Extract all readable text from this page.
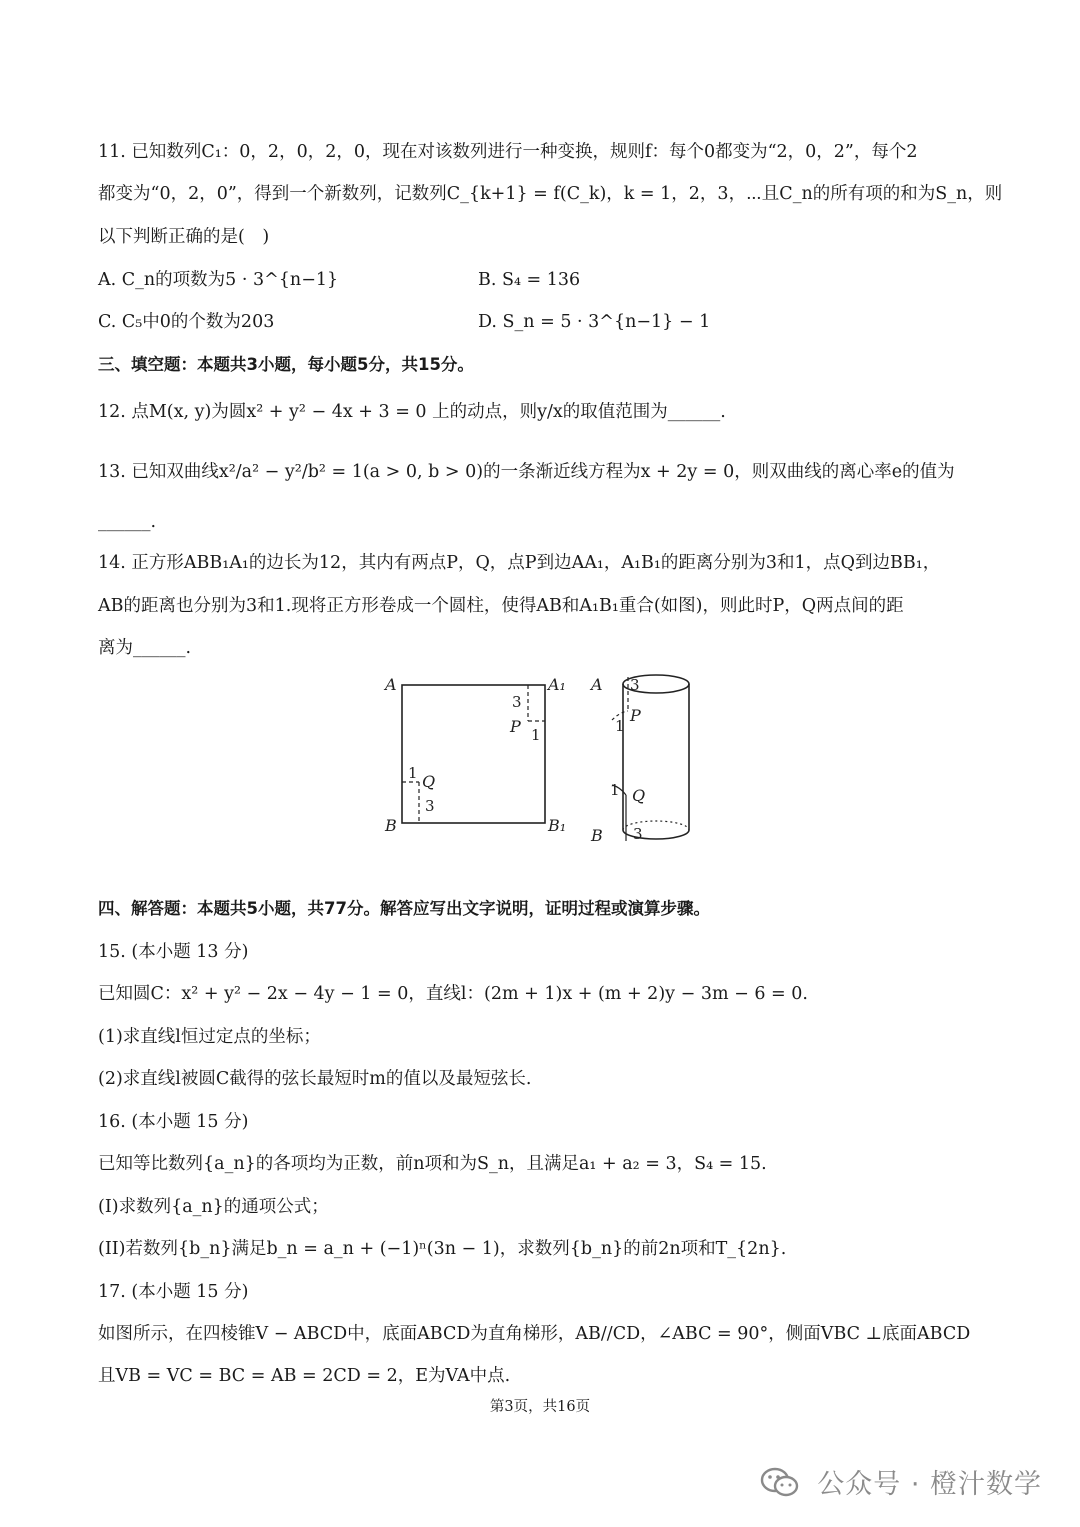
11. 已知数列C₁：0，2，0，2，0，现在对该数列进行一种变换，规则f：每个0都变为“2，0，2”，每个2
都变为“0，2，0”，得到一个新数列，记数列C_{k+1} = f(C_k)，k = 1，2，3，⋯且C_n的所有项的和为S_n，则
以下判断正确的是(　)
A. C_n的项数为5 · 3^{n−1}	B. S₄ = 136
C. C₅中0的个数为203	D. S_n = 5 · 3^{n−1} − 1
三、填空题：本题共3小题，每小题5分，共15分。
12. 点M(x, y)为圆x² + y² − 4x + 3 = 0 上的动点，则y/x的取值范围为______.
13. 已知双曲线x²/a² − y²/b² = 1(a > 0, b > 0)的一条渐近线方程为x + 2y = 0，则双曲线的离心率e的值为
______.
14. 正方形ABB₁A₁的边长为12，其内有两点P，Q，点P到边AA₁，A₁B₁的距离分别为3和1，点Q到边BB₁，
AB的距离也分别为3和1.现将正方形卷成一个圆柱，使得AB和A₁B₁重合(如图)，则此时P，Q两点间的距
离为______.
A	A₁
B	B₁
3
P 1
1 Q
3
A 3
P
1
1 Q
B 3
四、解答题：本题共5小题，共77分。解答应写出文字说明，证明过程或演算步骤。
15. (本小题 13 分)
已知圆C：x² + y² − 2x − 4y − 1 = 0，直线l：(2m + 1)x + (m + 2)y − 3m − 6 = 0.
(1)求直线l恒过定点的坐标；
(2)求直线l被圆C截得的弦长最短时m的值以及最短弦长.
16. (本小题 15 分)
已知等比数列{a_n}的各项均为正数，前n项和为S_n，且满足a₁ + a₂ = 3，S₄ = 15.
(I)求数列{a_n}的通项公式；
(II)若数列{b_n}满足b_n = a_n + (−1)ⁿ(3n − 1)，求数列{b_n}的前2n项和T_{2n}.
17. (本小题 15 分)
如图所示，在四棱锥V − ABCD中，底面ABCD为直角梯形，AB//CD，∠ABC = 90°，侧面VBC ⊥底面ABCD
且VB = VC = BC = AB = 2CD = 2，E为VA中点.
第3页，共16页
公众号 · 橙汁数学
